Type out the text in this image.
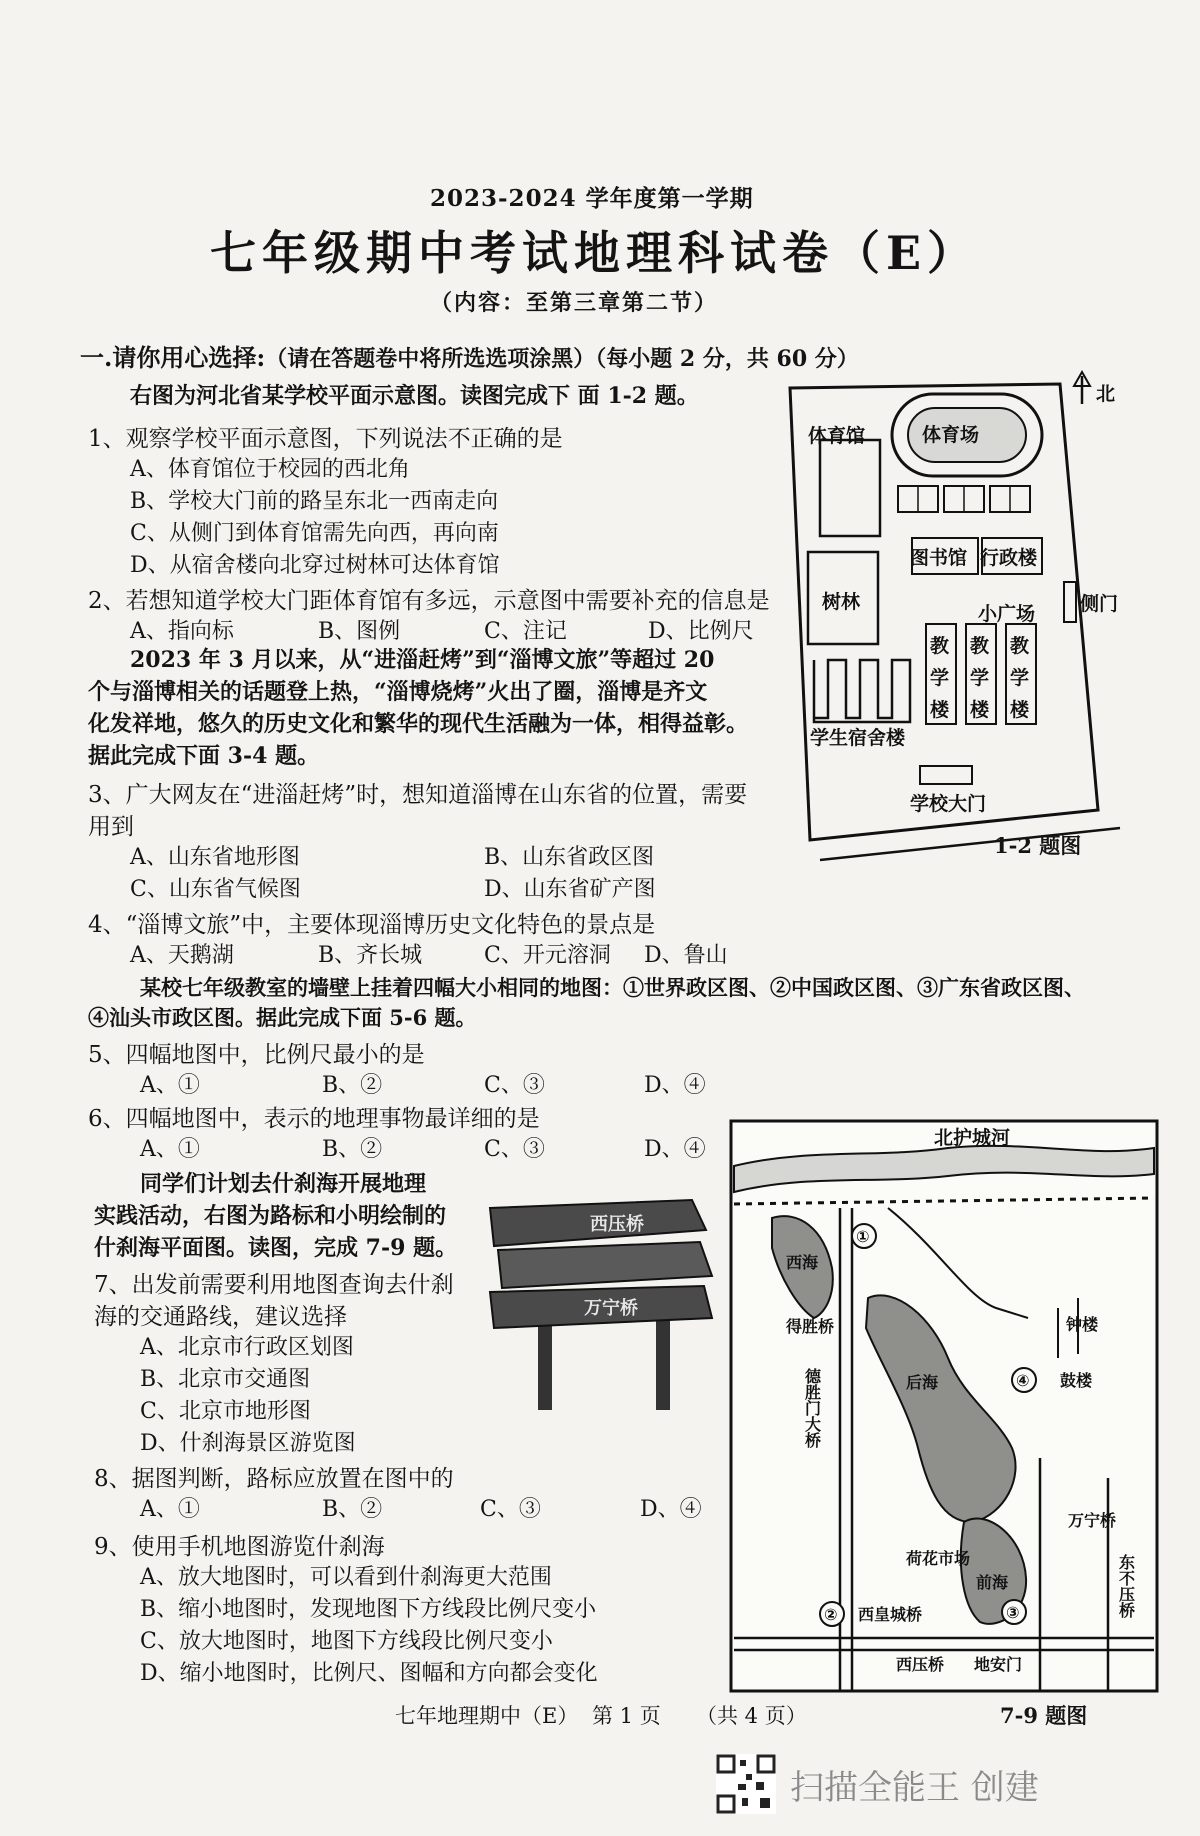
2023-2024 学年度第一学期
七年级期中考试地理科试卷（E）
（内容：至第三章第二节）
一.请你用心选择:（请在答题卷中将所选选项涂黑）（每小题 2 分，共 60 分）
右图为河北省某学校平面示意图。读图完成下 面 1-2 题。
1、观察学校平面示意图，下列说法不正确的是
A、体育馆位于校园的西北角
B、学校大门前的路呈东北一西南走向
C、从侧门到体育馆需先向西，再向南
D、从宿舍楼向北穿过树林可达体育馆
2、若想知道学校大门距体育馆有多远，示意图中需要补充的信息是
A、指向标	B、图例	C、注记	D、比例尺
2023 年 3 月以来，从“进淄赶烤”到“淄博文旅”等超过 20
个与淄博相关的话题登上热，“淄博烧烤”火出了圈，淄博是齐文
化发祥地，悠久的历史文化和繁华的现代生活融为一体，相得益彰。
据此完成下面 3-4 题。
3、广大网友在“进淄赶烤”时，想知道淄博在山东省的位置，需要
用到
A、山东省地形图	B、山东省政区图
C、山东省气候图	D、山东省矿产图
4、“淄博文旅”中，主要体现淄博历史文化特色的景点是
A、天鹅湖	B、齐长城	C、开元溶洞 D、鲁山
某校七年级教室的墙壁上挂着四幅大小相同的地图：①世界政区图、②中国政区图、③广东省政区图、
④汕头市政区图。据此完成下面 5-6 题。
5、四幅地图中，比例尺最小的是
A、①	B、②	C、③	D、④
6、四幅地图中，表示的地理事物最详细的是
A、①	B、②	C、③	D、④
同学们计划去什刹海开展地理
实践活动，右图为路标和小明绘制的
什刹海平面图。读图，完成 7-9 题。
7、出发前需要利用地图查询去什刹
海的交通路线，建议选择
A、北京市行政区划图
B、北京市交通图
C、北京市地形图
D、什刹海景区游览图
8、据图判断，路标应放置在图中的
A、①	B、②	C、③	D、④
9、使用手机地图游览什刹海
A、放大地图时，可以看到什刹海更大范围
B、缩小地图时，发现地图下方线段比例尺变小
C、放大地图时，地图下方线段比例尺变小
D、缩小地图时，比例尺、图幅和方向都会变化
北
体育馆	体育场
图书馆 行政楼
树林	侧门
小广场
教
学
楼
教
学
楼
教
学
楼
学生宿舍楼
学校大门
1-2 题图
西压桥
万宁桥
北护城河
西海
后海
前海
①
②	③
④
得胜桥
德胜门大桥
钟楼
鼓楼
万宁桥
荷花市场
西皇城桥
西压桥 地安门
东不压桥
7-9 题图
七年地理期中（E） 第 1 页 （共 4 页）
扫描全能王 创建
